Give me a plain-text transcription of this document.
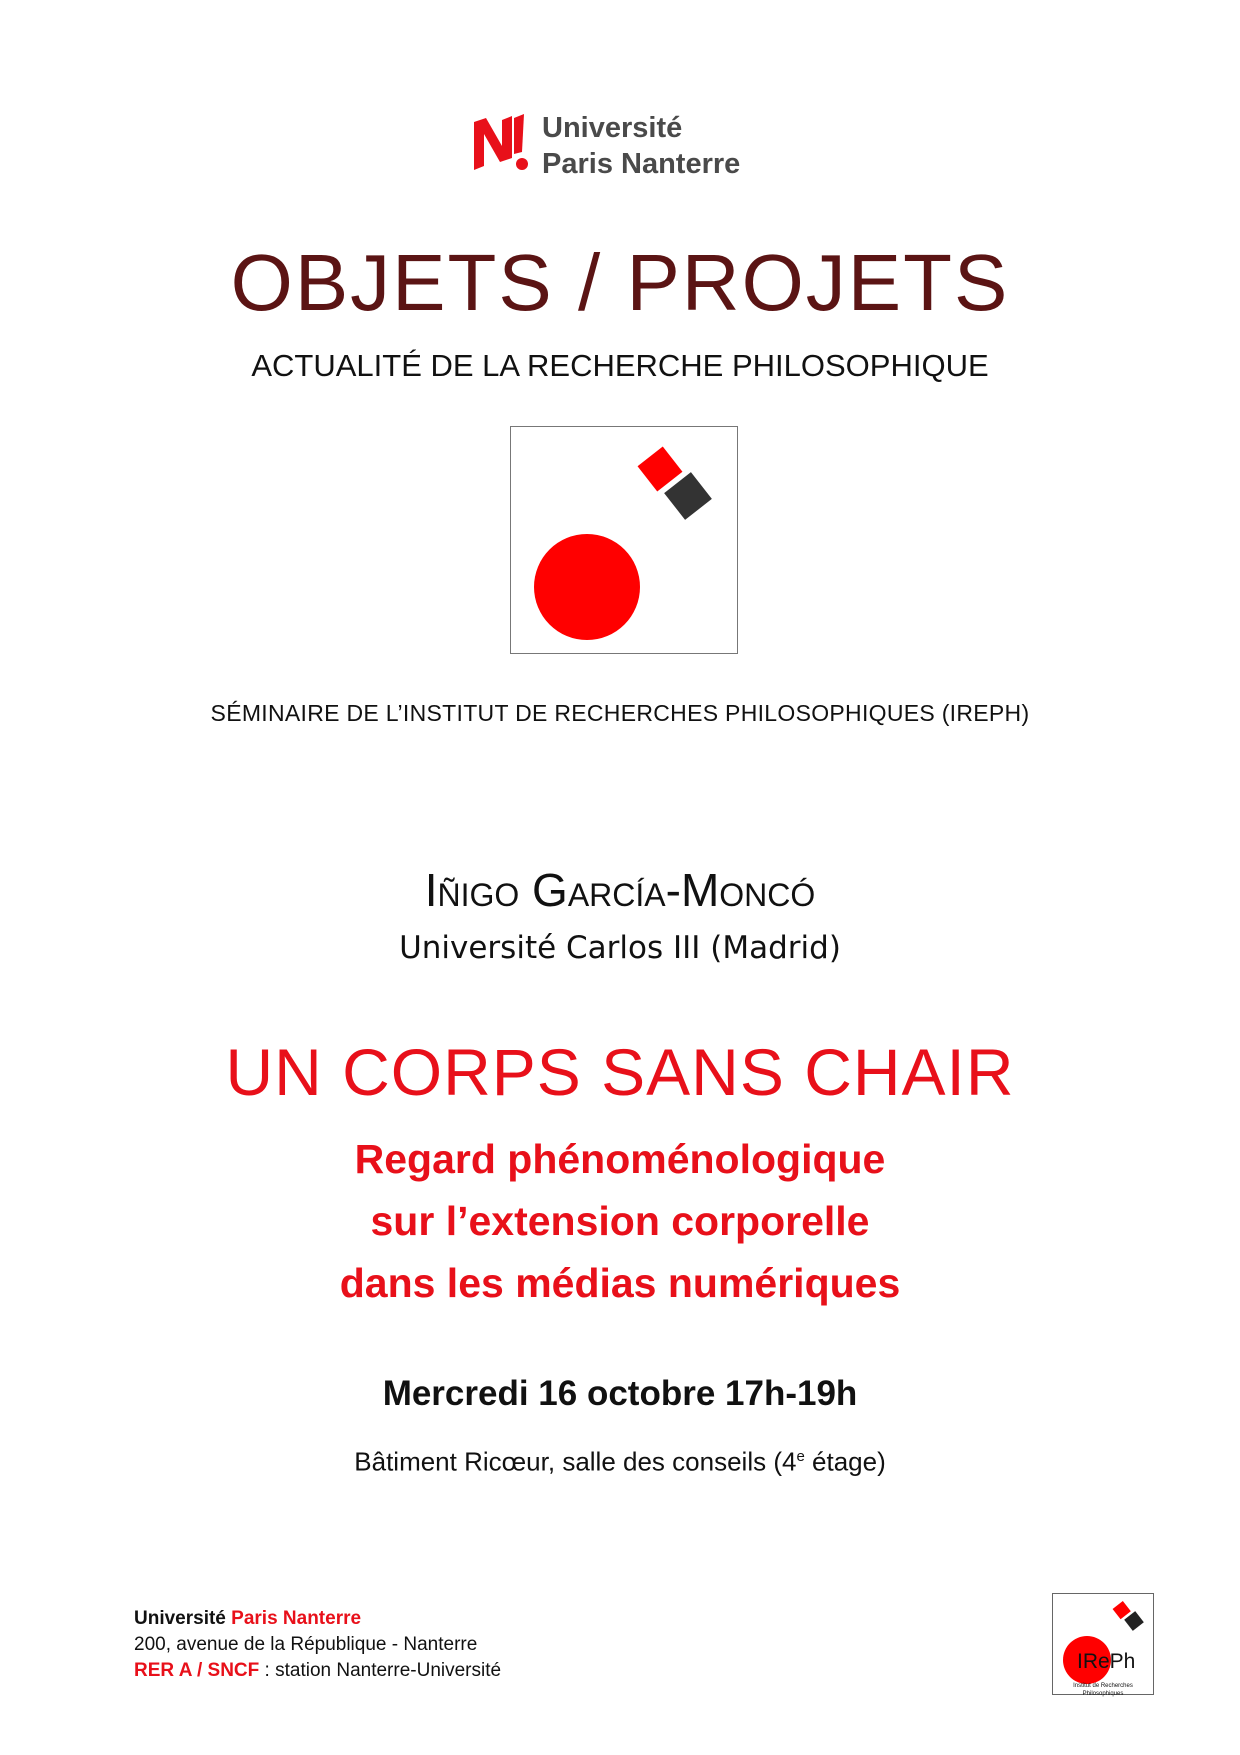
Université
Paris Nanterre
OBJETS / PROJETS
ACTUALITÉ DE LA RECHERCHE PHILOSOPHIQUE
SÉMINAIRE DE L’INSTITUT DE RECHERCHES PHILOSOPHIQUES (IREPH)
Iñigo García-Moncó
Université Carlos III (Madrid)
UN CORPS SANS CHAIR
Regard phénoménologique
sur l’extension corporelle
dans les médias numériques
Mercredi 16 octobre 17h-19h
Bâtiment Ricœur, salle des conseils (4e étage)
Université Paris Nanterre
200, avenue de la République - Nanterre
RER A / SNCF : station Nanterre-Université	IRePh
Institut de Recherches Philosophiques
